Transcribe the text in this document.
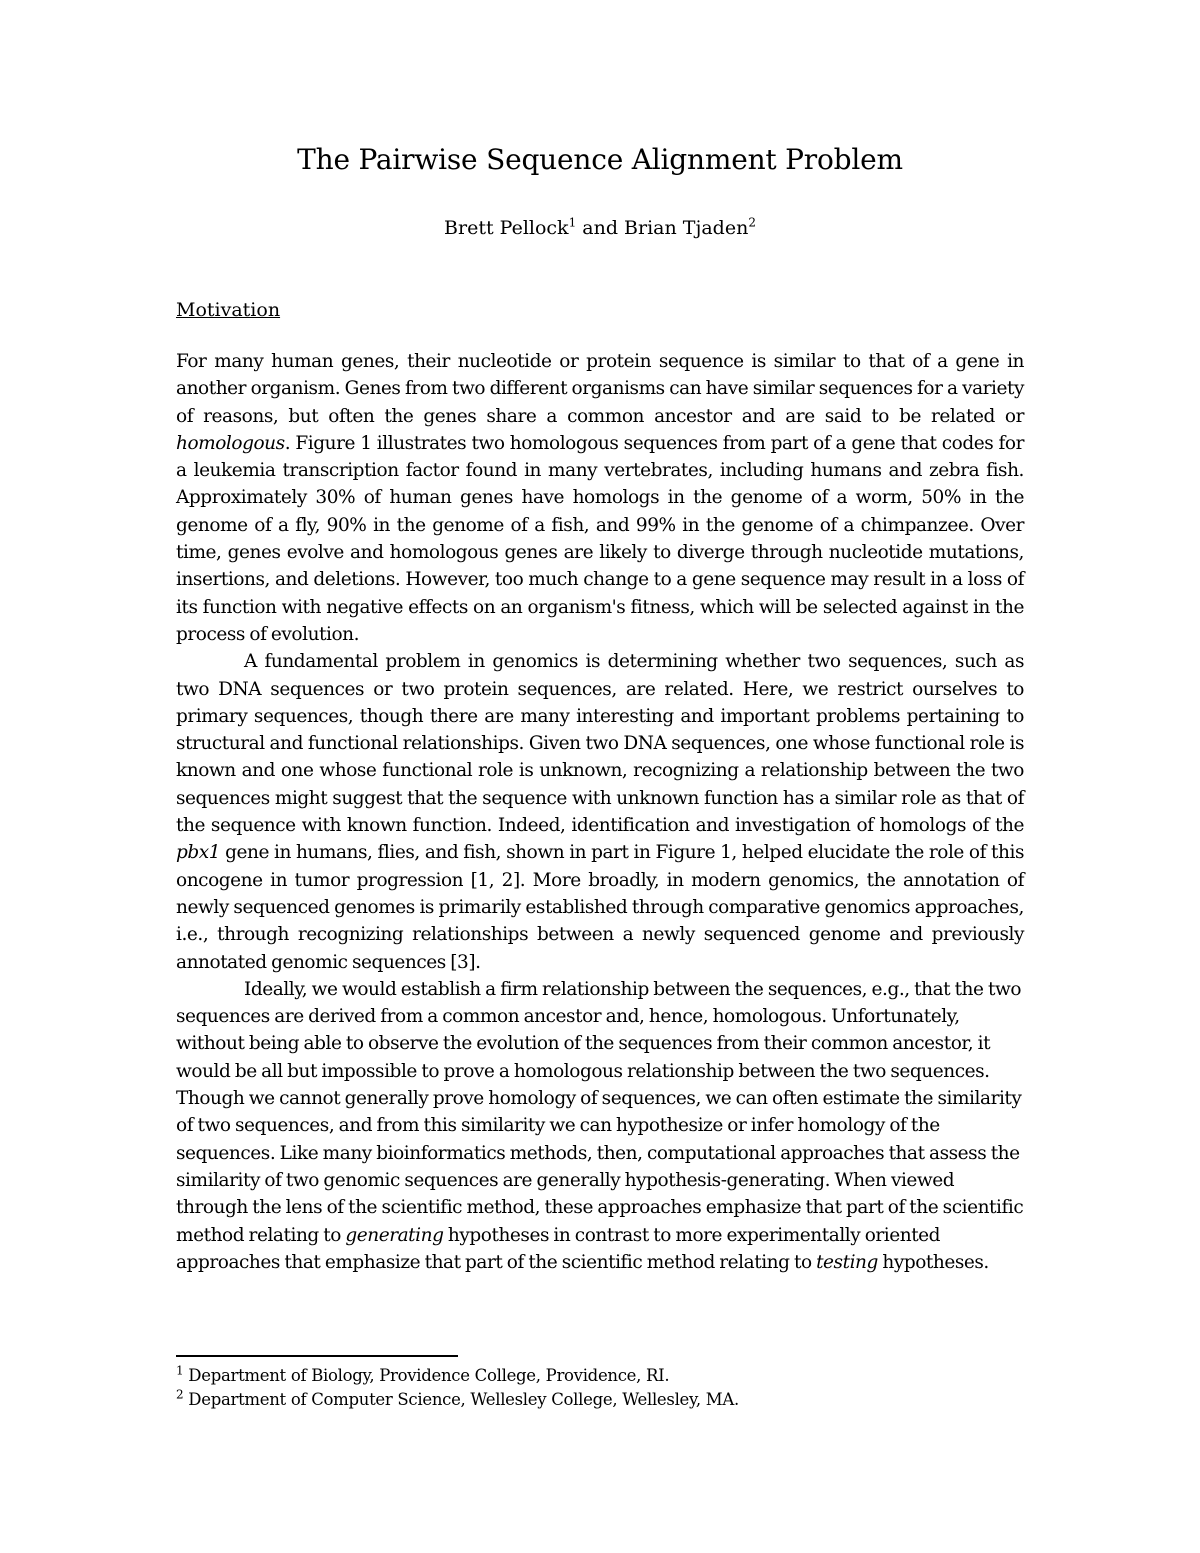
The Pairwise Sequence Alignment Problem
Brett Pellock$^1$ and Brian Tjaden$^2$
Motivation

For many human genes, their nucleotide or protein sequence is similar to that of a gene in another organism. Genes from two different organisms can have similar sequences for a variety of reasons, but often the genes share a common ancestor and are said to be related or homologous. Figure 1 illustrates two homologous sequences from part of a gene that codes for a leukemia transcription factor found in many vertebrates, including humans and zebra fish. Approximately 30% of human genes have homologs in the genome of a worm, 50% in the genome of a fly, 90% in the genome of a fish, and 99% in the genome of a chimpanzee. Over time, genes evolve and homologous genes are likely to diverge through nucleotide mutations, insertions, and deletions. However, too much change to a gene sequence may result in a loss of its function with negative effects on an organism's fitness, which will be selected against in the process of evolution.

A fundamental problem in genomics is determining whether two sequences, such as two DNA sequences or two protein sequences, are related. Here, we restrict ourselves to primary sequences, though there are many interesting and important problems pertaining to structural and functional relationships. Given two DNA sequences, one whose functional role is known and one whose functional role is unknown, recognizing a relationship between the two sequences might suggest that the sequence with unknown function has a similar role as that of the sequence with known function. Indeed, identification and investigation of homologs of the pbx1 gene in humans, flies, and fish, shown in part in Figure 1, helped elucidate the role of this oncogene in tumor progression [1, 2]. More broadly, in modern genomics, the annotation of newly sequenced genomes is primarily established through comparative genomics approaches, i.e., through recognizing relationships between a newly sequenced genome and previously annotated genomic sequences [3].

Ideally, we would establish a firm relationship between the sequences, e.g., that the two sequences are derived from a common ancestor and, hence, homologous. Unfortunately, without being able to observe the evolution of the sequences from their common ancestor, it would be all but impossible to prove a homologous relationship between the two sequences. Though we cannot generally prove homology of sequences, we can often estimate the similarity of two sequences, and from this similarity we can hypothesize or infer homology of the sequences. Like many bioinformatics methods, then, computational approaches that assess the similarity of two genomic sequences are generally hypothesis-generating. When viewed through the lens of the scientific method, these approaches emphasize that part of the scientific method relating to generating hypotheses in contrast to more experimentally oriented approaches that emphasize that part of the scientific method relating to testing hypotheses.

$^1$ Department of Biology, Providence College, Providence, RI.
$^2$ Department of Computer Science, Wellesley College, Wellesley, MA.
